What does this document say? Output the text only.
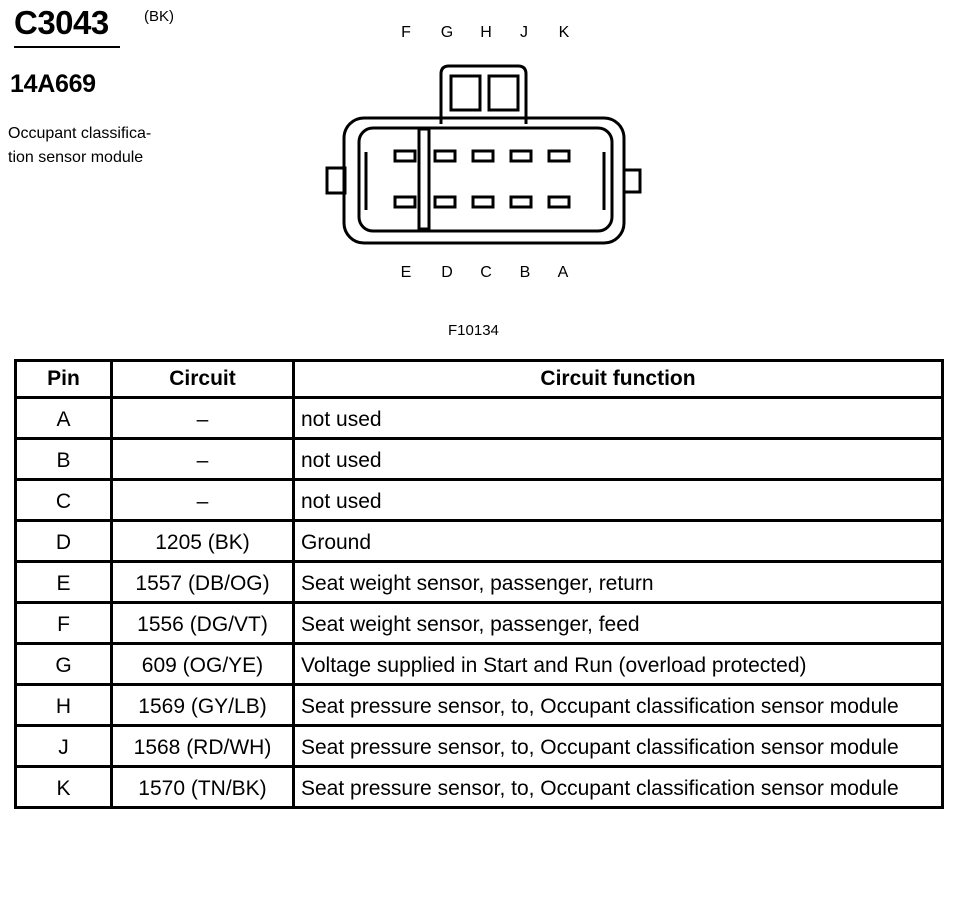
C3043 (BK)
14A669
Occupant classifica-
tion sensor module
F G H J K
E D C B A
F10134
Pin	Circuit	Circuit function
A	–	not used
B	–	not used
C	–	not used
D	1205 (BK)	Ground
E	1557 (DB/OG)	Seat weight sensor, passenger, return
F	1556 (DG/VT)	Seat weight sensor, passenger, feed
G	609 (OG/YE)	Voltage supplied in Start and Run (overload protected)
H	1569 (GY/LB)	Seat pressure sensor, to, Occupant classification sensor module
J	1568 (RD/WH)	Seat pressure sensor, to, Occupant classification sensor module
K	1570 (TN/BK)	Seat pressure sensor, to, Occupant classification sensor module
